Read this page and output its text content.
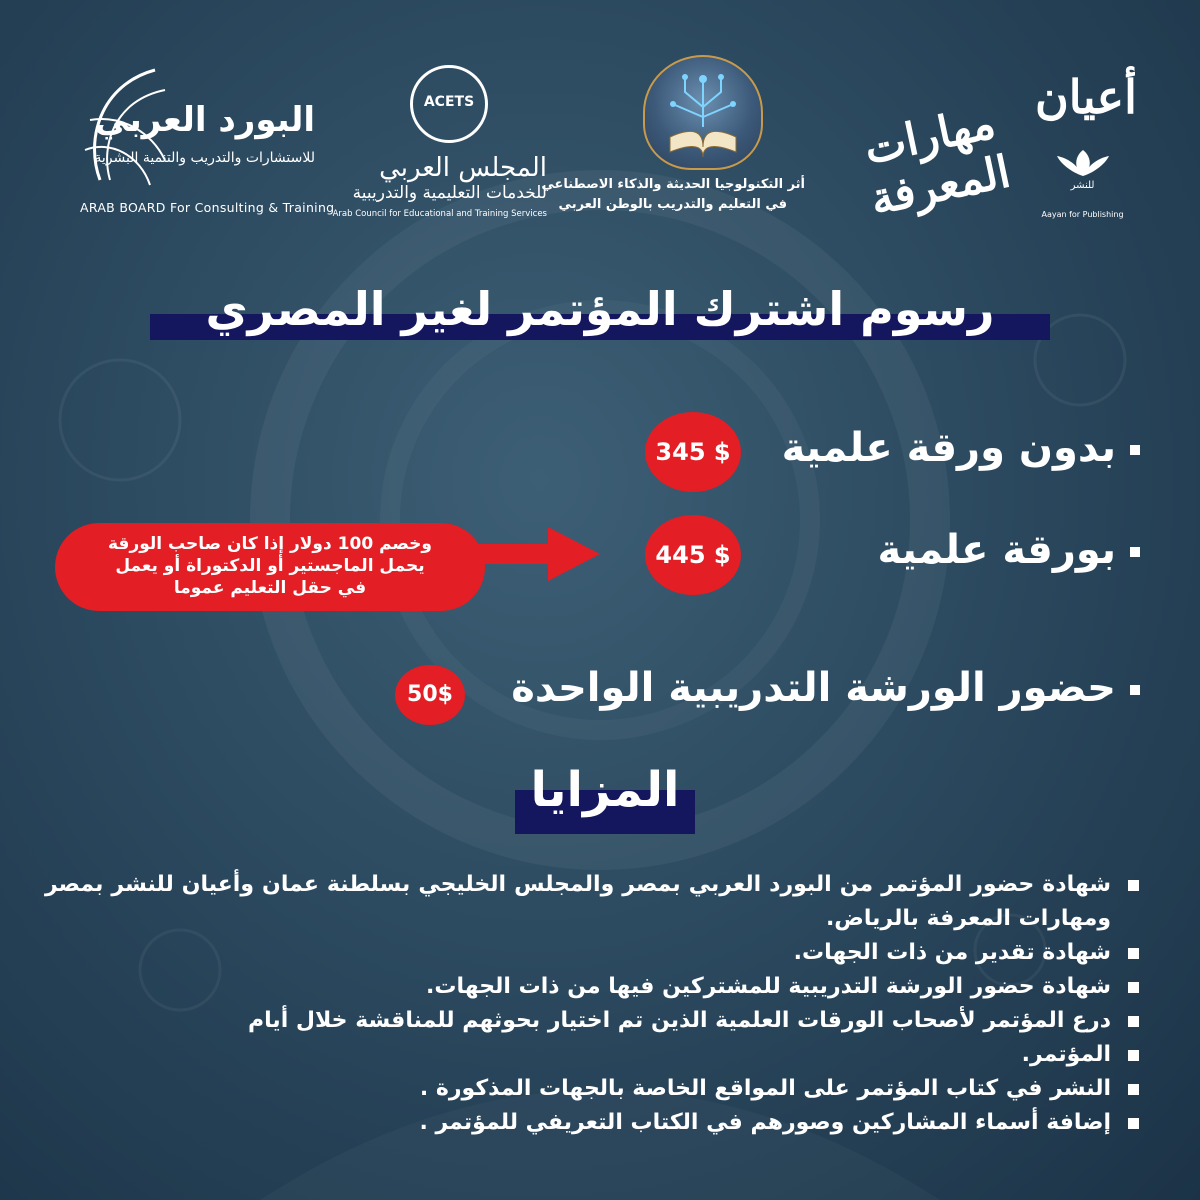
البورد العربي
للاستشارات والتدريب والتنمية البشرية
ARAB BOARD For Consulting & Training
ACETS
المجلس العربي
للخدمات التعليمية والتدريبية
Arab Council for Educational and Training Services
أثر التكنولوجيا الحديثة والذكاء الاصطناعي
في التعليم والتدريب بالوطن العربي
مهارات المعرفة
أعيان
للنشر
Aayan for Publishing
رسوم اشترك المؤتمر لغير المصري
بدون ورقة علمية
345 $
بورقة علمية
445 $
وخصم 100 دولار إذا كان صاحب الورقة
يحمل الماجستير أو الدكتوراة أو يعمل
في حقل التعليم عموما
حضور الورشة التدريبية الواحدة
50$
المزايا
شهادة حضور المؤتمر من البورد العربي بمصر والمجلس الخليجي بسلطنة عمان وأعيان للنشر بمصر ومهارات المعرفة بالرياض.
شهادة تقدير من ذات الجهات.
شهادة حضور الورشة التدريبية للمشتركين فيها من ذات الجهات.
درع المؤتمر لأصحاب الورقات العلمية الذين تم اختيار بحوثهم للمناقشة خلال أيام
المؤتمر.
النشر في كتاب المؤتمر على المواقع الخاصة بالجهات المذكورة .
إضافة أسماء المشاركين وصورهم في الكتاب التعريفي للمؤتمر .
